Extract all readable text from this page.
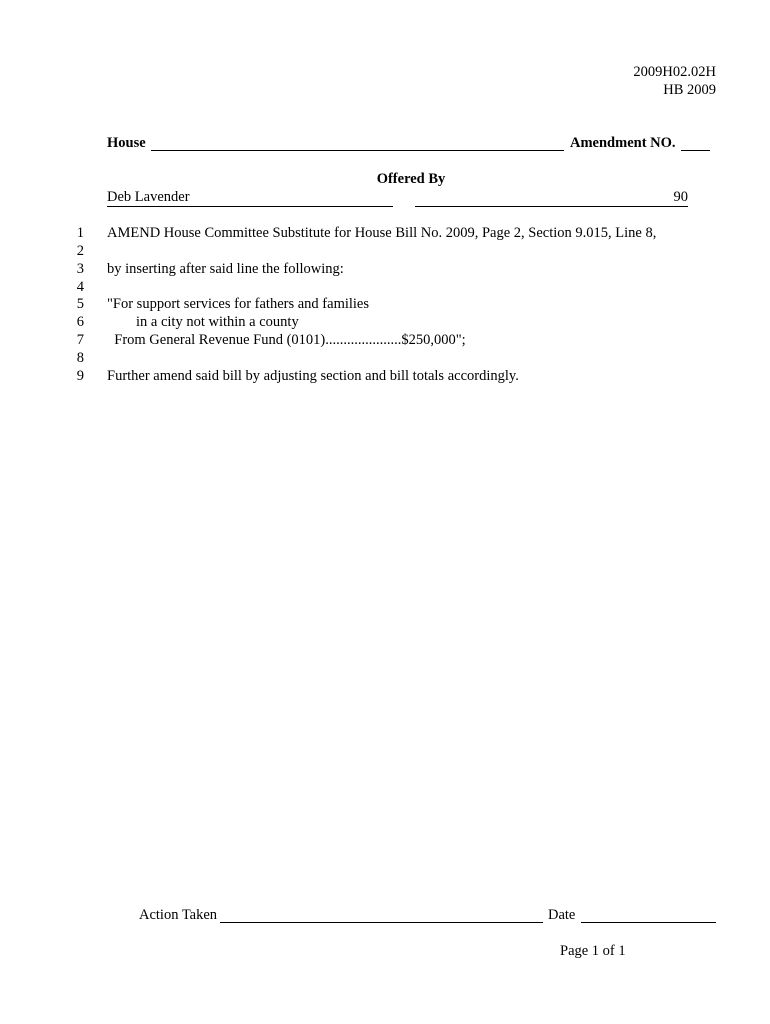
2009H02.02H
HB 2009
House	Amendment NO.
Offered By
Deb Lavender	90
1 AMEND House Committee Substitute for House Bill No. 2009, Page 2, Section 9.015, Line 8,
2
3 by inserting after said line the following:
4
5 "For support services for fathers and families
6 in a city not within a county
7 From General Revenue Fund (0101).....................$250,000";
8
9 Further amend said bill by adjusting section and bill totals accordingly.
Action Taken	Date
Page 1 of 1
